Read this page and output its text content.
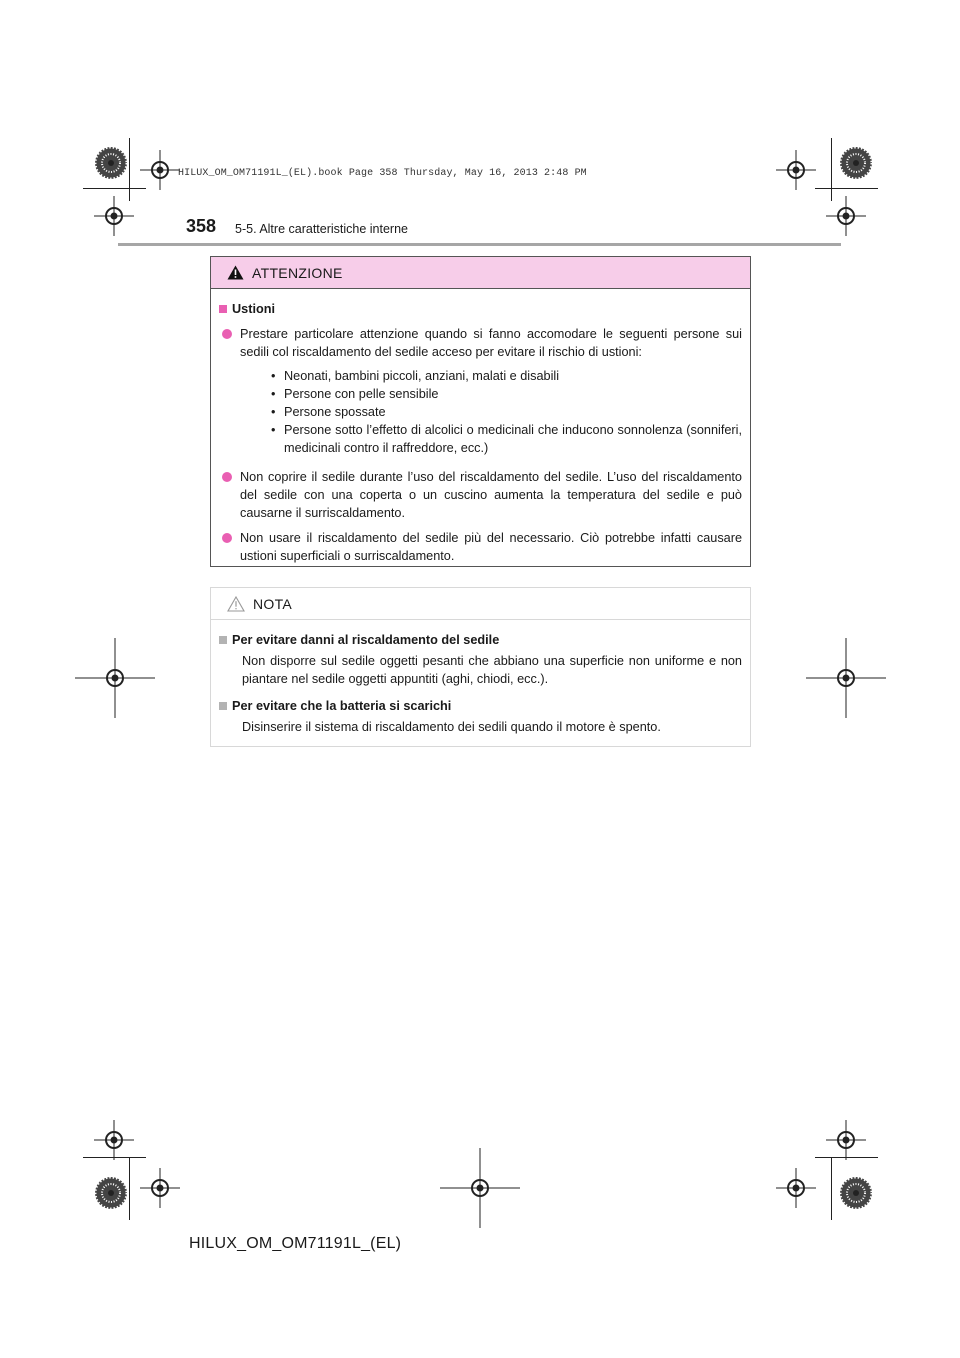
HILUX_OM_OM71191L_(EL).book Page 358 Thursday, May 16, 2013 2:48 PM
358 5-5. Altre caratteristiche interne
ATTENZIONE
Ustioni
Prestare particolare attenzione quando si fanno accomodare le seguenti persone sui sedili col riscaldamento del sedile acceso per evitare il rischio di ustioni:
• Neonati, bambini piccoli, anziani, malati e disabili
• Persone con pelle sensibile
• Persone spossate
• Persone sotto l’effetto di alcolici o medicinali che inducono sonnolenza (sonniferi, medicinali contro il raffreddore, ecc.)
Non coprire il sedile durante l’uso del riscaldamento del sedile. L’uso del riscaldamento del sedile con una coperta o un cuscino aumenta la temperatura del sedile e può causarne il surriscaldamento.
Non usare il riscaldamento del sedile più del necessario. Ciò potrebbe infatti causare ustioni superficiali o surriscaldamento.
NOTA
Per evitare danni al riscaldamento del sedile
Non disporre sul sedile oggetti pesanti che abbiano una superficie non uniforme e non piantare nel sedile oggetti appuntiti (aghi, chiodi, ecc.).
Per evitare che la batteria si scarichi
Disinserire il sistema di riscaldamento dei sedili quando il motore è spento.
HILUX_OM_OM71191L_(EL)
